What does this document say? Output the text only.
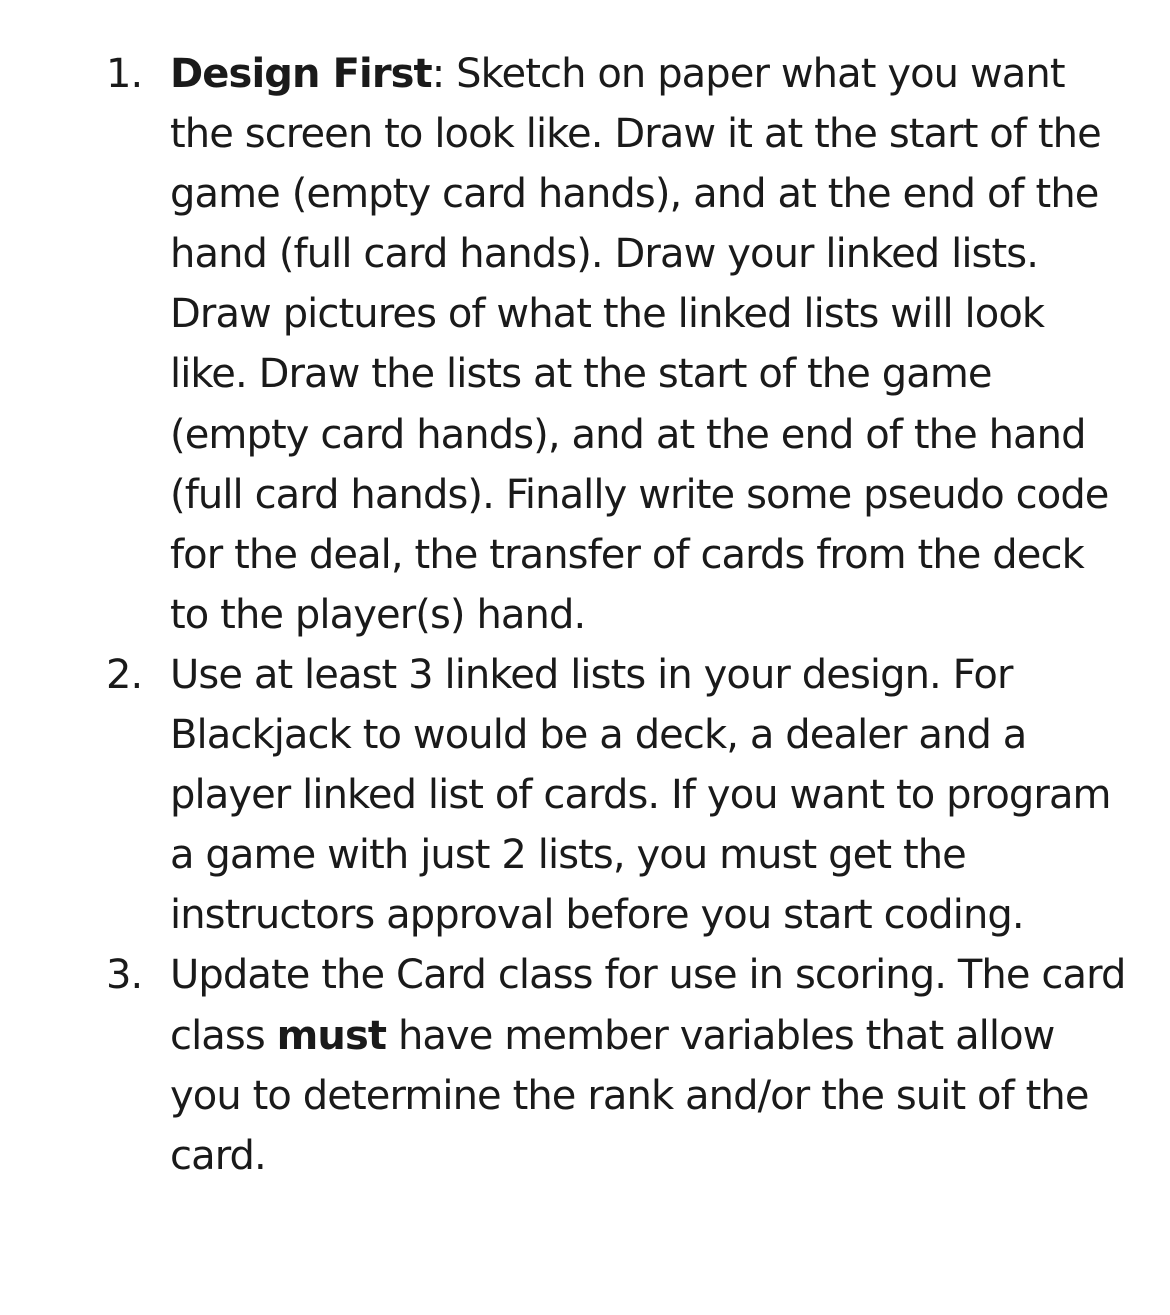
1. Design First: Sketch on paper what you want the screen to look like. Draw it at the start of the game (empty card hands), and at the end of the hand (full card hands). Draw your linked lists. Draw pictures of what the linked lists will look like. Draw the lists at the start of the game (empty card hands), and at the end of the hand (full card hands). Finally write some pseudo code for the deal, the transfer of cards from the deck to the player(s) hand.
2. Use at least 3 linked lists in your design. For Blackjack to would be a deck, a dealer and a player linked list of cards. If you want to program a game with just 2 lists, you must get the instructors approval before you start coding.
3. Update the Card class for use in scoring. The card class must have member variables that allow you to determine the rank and/or the suit of the card.
